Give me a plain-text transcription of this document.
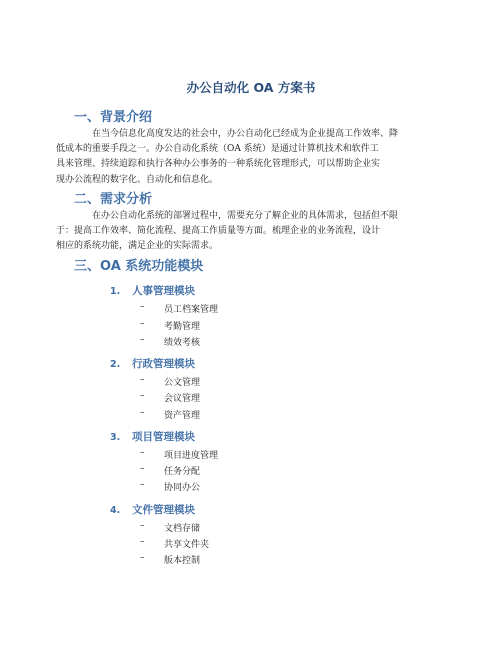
办公自动化 OA 方案书
一、背景介绍

在当今信息化高度发达的社会中，办公自动化已经成为企业提高工作效率、降
低成本的重要手段之一。办公自动化系统（OA 系统）是通过计算机技术和软件工
具来管理、持续追踪和执行各种办公事务的一种系统化管理形式，可以帮助企业实
现办公流程的数字化、自动化和信息化。

二、需求分析

在办公自动化系统的部署过程中，需要充分了解企业的具体需求，包括但不限
于：提高工作效率、简化流程、提高工作质量等方面。梳理企业的业务流程，设计
相应的系统功能，满足企业的实际需求。

三、OA 系统功能模块
1. 人事管理模块
– 员工档案管理
– 考勤管理
– 绩效考核
2. 行政管理模块
– 公文管理
– 会议管理
– 资产管理
3. 项目管理模块
– 项目进度管理
– 任务分配
– 协同办公
4. 文件管理模块
– 文档存储
– 共享文件夹
– 版本控制
